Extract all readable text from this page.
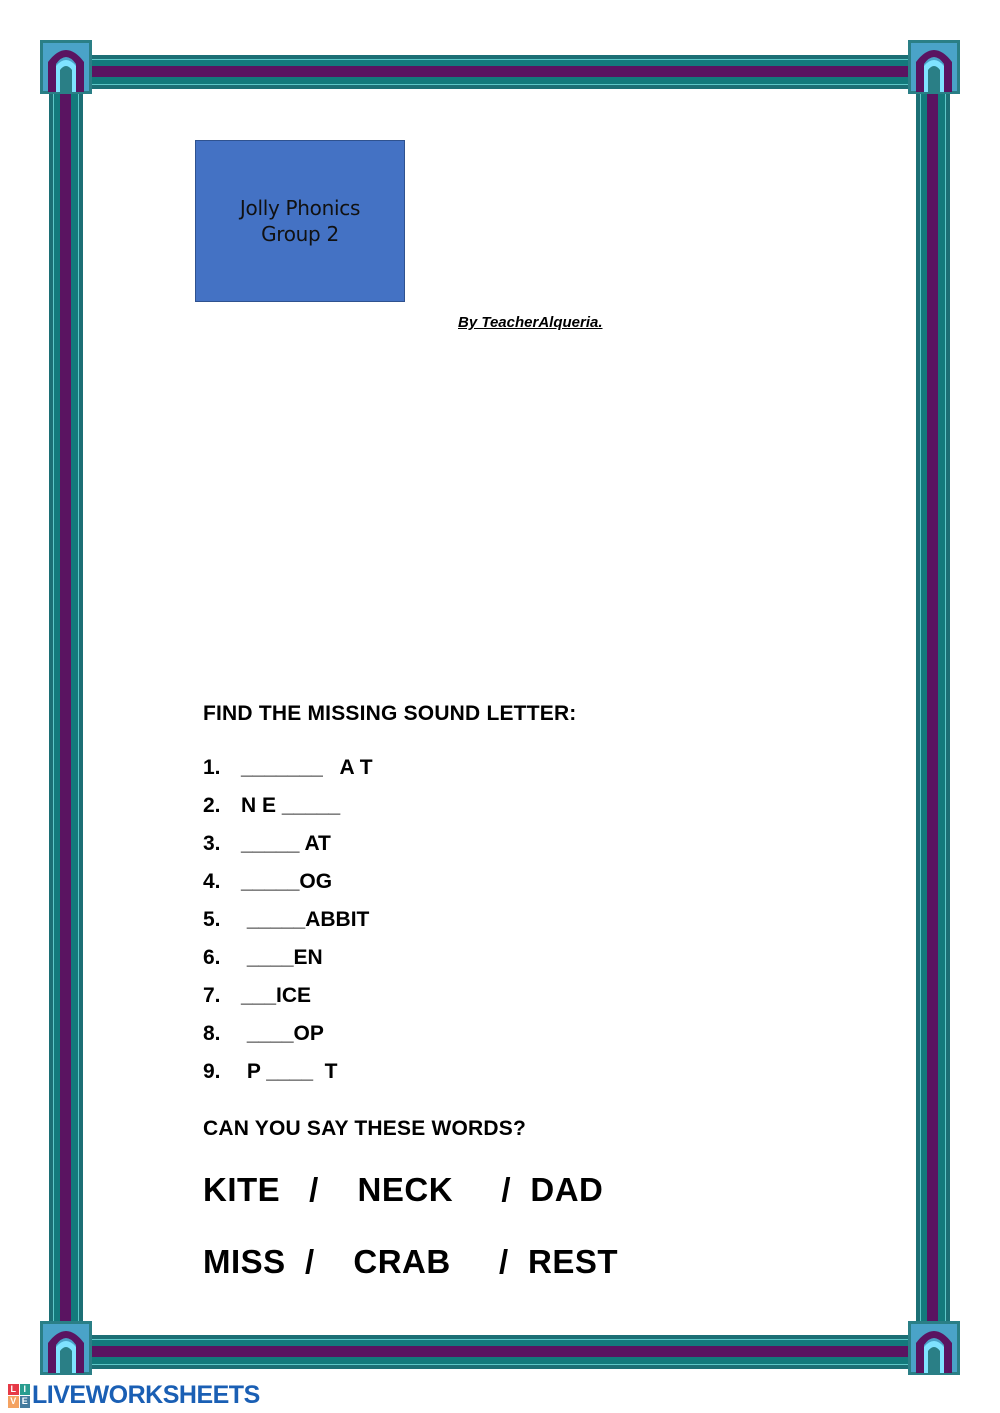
Jolly Phonics
Group 2
By TeacherAlqueria.
FIND THE MISSING SOUND LETTER:
1. _______   A T
2. N E _____
3. _____ AT
4. _____OG
5. _____ABBIT
6. ____EN
7. ___ICE
8. ____OP
9. P ____  T
CAN YOU SAY THESE WORDS?
KITE   /    NECK     /  DAD
MISS  /    CRAB     /  REST
L I
V E LIVEWORKSHEETS
